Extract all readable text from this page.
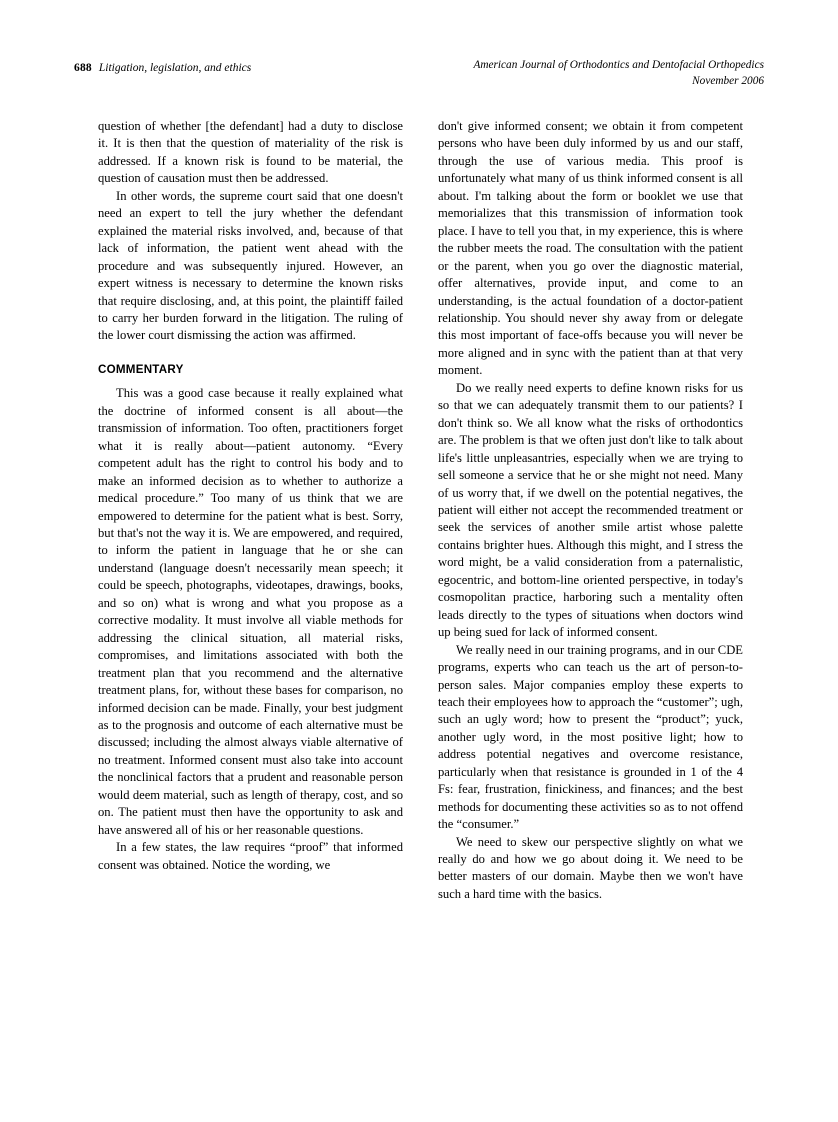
688 Litigation, legislation, and ethics	American Journal of Orthodontics and Dentofacial Orthopedics
November 2006

question of whether [the defendant] had a duty to disclose it. It is then that the question of materiality of the risk is addressed. If a known risk is found to be material, the question of causation must then be addressed.

In other words, the supreme court said that one doesn't need an expert to tell the jury whether the defendant explained the material risks involved, and, because of that lack of information, the patient went ahead with the procedure and was subsequently injured. However, an expert witness is necessary to determine the known risks that require disclosing, and, at this point, the plaintiff failed to carry her burden forward in the litigation. The ruling of the lower court dismissing the action was affirmed.

COMMENTARY

This was a good case because it really explained what the doctrine of informed consent is all about—the transmission of information. Too often, practitioners forget what it is really about—patient autonomy. “Every competent adult has the right to control his body and to make an informed decision as to whether to authorize a medical procedure.” Too many of us think that we are empowered to determine for the patient what is best. Sorry, but that's not the way it is. We are empowered, and required, to inform the patient in language that he or she can understand (language doesn't necessarily mean speech; it could be speech, photographs, videotapes, drawings, books, and so on) what is wrong and what you propose as a corrective modality. It must involve all viable methods for addressing the clinical situation, all material risks, compromises, and limitations associated with both the treatment plan that you recommend and the alternative treatment plans, for, without these bases for comparison, no informed decision can be made. Finally, your best judgment as to the prognosis and outcome of each alternative must be discussed; including the almost always viable alternative of no treatment. Informed consent must also take into account the nonclinical factors that a prudent and reasonable person would deem material, such as length of therapy, cost, and so on. The patient must then have the opportunity to ask and have answered all of his or her reasonable questions.

In a few states, the law requires “proof” that informed consent was obtained. Notice the wording, we

don't give informed consent; we obtain it from competent persons who have been duly informed by us and our staff, through the use of various media. This proof is unfortunately what many of us think informed consent is all about. I'm talking about the form or booklet we use that memorializes that this transmission of information took place. I have to tell you that, in my experience, this is where the rubber meets the road. The consultation with the patient or the parent, when you go over the diagnostic material, offer alternatives, provide input, and come to an understanding, is the actual foundation of a doctor-patient relationship. You should never shy away from or delegate this most important of face-offs because you will never be more aligned and in sync with the patient than at that very moment.

Do we really need experts to define known risks for us so that we can adequately transmit them to our patients? I don't think so. We all know what the risks of orthodontics are. The problem is that we often just don't like to talk about life's little unpleasantries, especially when we are trying to sell someone a service that he or she might not need. Many of us worry that, if we dwell on the potential negatives, the patient will either not accept the recommended treatment or seek the services of another smile artist whose palette contains brighter hues. Although this might, and I stress the word might, be a valid consideration from a paternalistic, egocentric, and bottom-line oriented perspective, in today's cosmopolitan practice, harboring such a mentality often leads directly to the types of situations when doctors wind up being sued for lack of informed consent.

We really need in our training programs, and in our CDE programs, experts who can teach us the art of person-to-person sales. Major companies employ these experts to teach their employees how to approach the “customer”; ugh, such an ugly word; how to present the “product”; yuck, another ugly word, in the most positive light; how to address potential negatives and overcome resistance, particularly when that resistance is grounded in 1 of the 4 Fs: fear, frustration, finickiness, and finances; and the best methods for documenting these activities so as to not offend the “consumer.”

We need to skew our perspective slightly on what we really do and how we go about doing it. We need to be better masters of our domain. Maybe then we won't have such a hard time with the basics.
